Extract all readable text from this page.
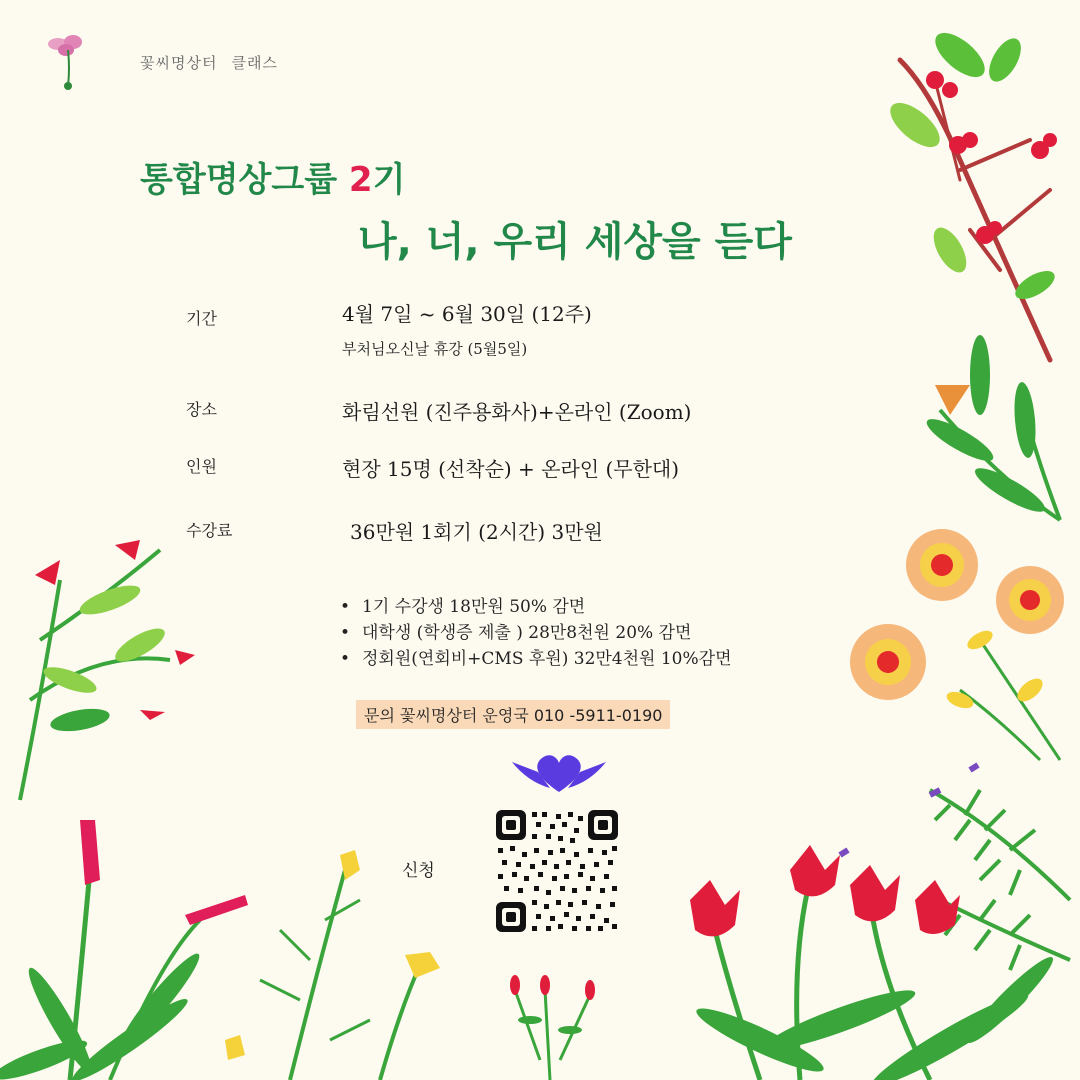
꽃씨명상터 클래스
통합명상그룹 2기
나, 너, 우리 세상을 듣다
기간	4월 7일 ~ 6월 30일 (12주)
부처님오신날 휴강 (5월5일)
장소	화림선원 (진주용화사)+온라인 (Zoom)
인원	현장 15명 (선착순) + 온라인 (무한대)
수강료	36만원 1회기 (2시간) 3만원
• 1기 수강생 18만원 50% 감면
• 대학생 (학생증 제출 ) 28만8천원 20% 감면
• 정회원(연회비+CMS 후원) 32만4천원 10%감면
문의 꽃씨명상터 운영국 010 -5911-0190
신청
